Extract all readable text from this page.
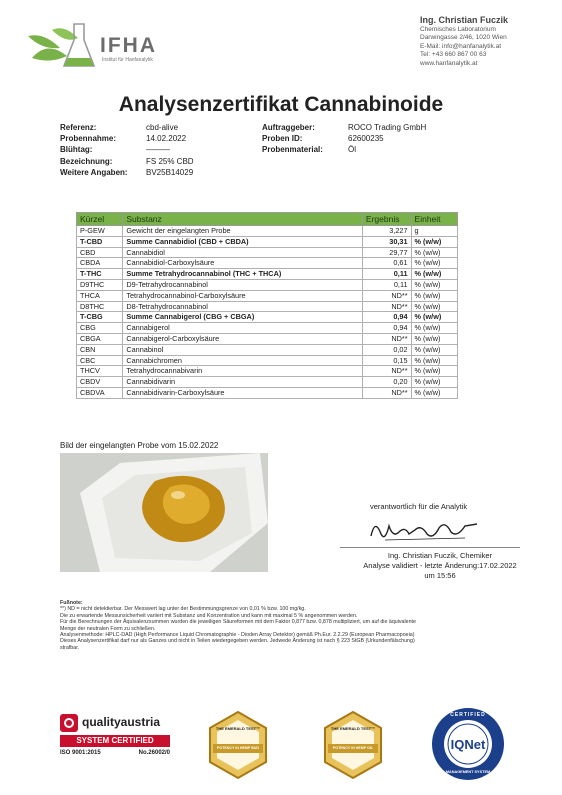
IFHA
Institut für Hanfanalytik
Ing. Christian Fuczik
Chemisches Laboratorium
Darwingasse 2/46, 1020 Wien
E-Mail: info@hanfanalytik.at
Tel: +43 660 867 00 63
www.hanfanalytik.at
Analysenzertifikat Cannabinoide
Referenz:	cbd-alive
Probennahme:	14.02.2022
Blühtag:	———
Bezeichnung:	FS 25% CBD
Weitere Angaben: BV25B14029
Auftraggeber:	ROCO Trading GmbH
Proben ID:	62600235
Probenmaterial:	Öl
Kürzel	Substanz	Ergebnis	Einheit
P-GEW	Gewicht der eingelangten Probe	3,227	g
T-CBD	Summe Cannabidiol (CBD + CBDA)	30,31	% (w/w)
CBD	Cannabidiol	29,77	% (w/w)
CBDA	Cannabidiol-Carboxylsäure	0,61	% (w/w)
T-THC	Summe Tetrahydrocannabinol (THC + THCA)	0,11	% (w/w)
D9THC	D9-Tetrahydrocannabinol	0,11	% (w/w)
THCA	Tetrahydrocannabinol-Carboxylsäure	ND**	% (w/w)
D8THC	D8-Tetrahydrocannabinol	ND**	% (w/w)
T-CBG	Summe Cannabigerol (CBG + CBGA)	0,94	% (w/w)
CBG	Cannabigerol	0,94	% (w/w)
CBGA	Cannabigerol-Carboxylsäure	ND**	% (w/w)
CBN	Cannabinol	0,02	% (w/w)
CBC	Cannabichromen	0,15	% (w/w)
THCV	Tetrahydrocannabivarin	ND**	% (w/w)
CBDV	Cannabidivarin	0,20	% (w/w)
CBDVA	Cannabidivarin-Carboxylsäure	ND**	% (w/w)
Bild der eingelangten Probe vom 15.02.2022
verantwortlich für die Analytik
Ing. Christian Fuczik, Chemiker
Analyse validiert - letzte Änderung:17.02.2022
um 15:56
Fußnote:
**) ND = nicht detektierbar. Der Messwert lag unter der Bestimmungsgrenze von 0,01 % bzw. 100 mg/kg.
Die zu erwartende Messunsicherheit variiert mit Substanz und Konzentration und kann mit maximal 5 % angenommen werden.
Für die Berechnungen der Äquivalenzsummen wurden die jeweiligen Säureformen mit dem Faktor 0,877 bzw. 0,878 multipliziert, um auf die äquivalente
Menge der neutralen Form zu schließen.
Analysenmethode: HPLC-DAD (High Performance Liquid Chromatographie - Dioden Array Detektor) gemäß Ph.Eur. 2.2.29 (European Pharmacopoeia)
Dieses Analysenzertifikat darf nur als Ganzes und nicht in Teilen wiedergegeben werden. Jedwede Änderung ist nach § 223 StGB (Urkundenfälschung)
strafbar.
qualityaustria
SYSTEM CERTIFIED
ISO 9001:2015	No.26002/0
THE EMERALD TEST™
POTENCY IN HEMP BUD
THE EMERALD TEST™
POTENCY IN HEMP OIL
CERTIFIED
IQNet
MANAGEMENT SYSTEM
